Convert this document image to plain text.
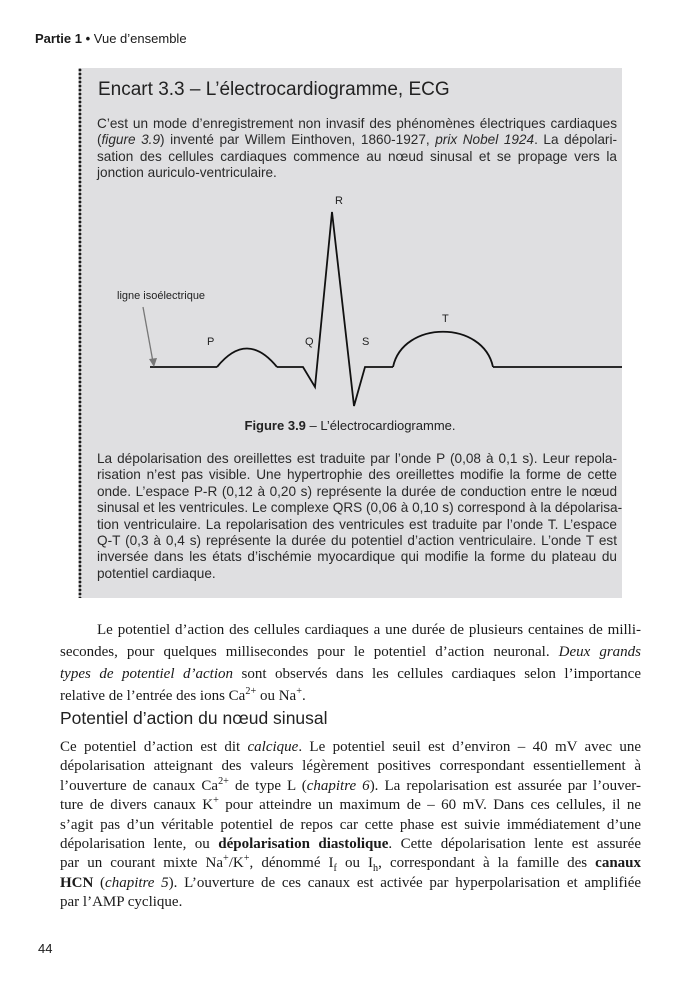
Partie 1 • Vue d’ensemble
Encart 3.3 – L’électrocardiogramme, ECG
C’est un mode d’enregistrement non invasif des phénomènes électriques cardiaques
(figure 3.9) inventé par Willem Einthoven, 1860-1927, prix Nobel 1924. La dépolari-
sation des cellules cardiaques commence au nœud sinusal et se propage vers la
jonction auriculo-ventriculaire.
R
P	Q	S
T
ligne isoélectrique
Figure 3.9 – L’électrocardiogramme.
La dépolarisation des oreillettes est traduite par l’onde P (0,08 à 0,1 s). Leur repola-
risation n’est pas visible. Une hypertrophie des oreillettes modifie la forme de cette
onde. L’espace P-R (0,12 à 0,20 s) représente la durée de conduction entre le nœud
sinusal et les ventricules. Le complexe QRS (0,06 à 0,10 s) correspond à la dépolarisa-
tion ventriculaire. La repolarisation des ventricules est traduite par l’onde T. L’espace
Q-T (0,3 à 0,4 s) représente la durée du potentiel d’action ventriculaire. L’onde T est
inversée dans les états d’ischémie myocardique qui modifie la forme du plateau du
potentiel cardiaque.
Le potentiel d’action des cellules cardiaques a une durée de plusieurs centaines de milli-
secondes, pour quelques millisecondes pour le potentiel d’action neuronal. Deux grands
types de potentiel d’action sont observés dans les cellules cardiaques selon l’importance
relative de l’entrée des ions $Ca^{2+}$ ou Na+.
Potentiel d’action du nœud sinusal
Ce potentiel d’action est dit calcique. Le potentiel seuil est d’environ – 40 mV avec une
dépolarisation atteignant des valeurs légèrement positives correspondant essentiellement à
l’ouverture de canaux $Ca^{2+}$ de type L (chapitre 6). La repolarisation est assurée par l’ouver-
ture de divers canaux K+ pour atteindre un maximum de – 60 mV. Dans ces cellules, il ne
s’agit pas d’un véritable potentiel de repos car cette phase est suivie immédiatement d’une
dépolarisation lente, ou dépolarisation diastolique. Cette dépolarisation lente est assurée
par un courant mixte Na+/K+, dénommé $I_f$ ou $I_h$, correspondant à la famille des canaux
HCN (chapitre 5). L’ouverture de ces canaux est activée par hyperpolarisation et amplifiée
par l’AMP cyclique.
44
